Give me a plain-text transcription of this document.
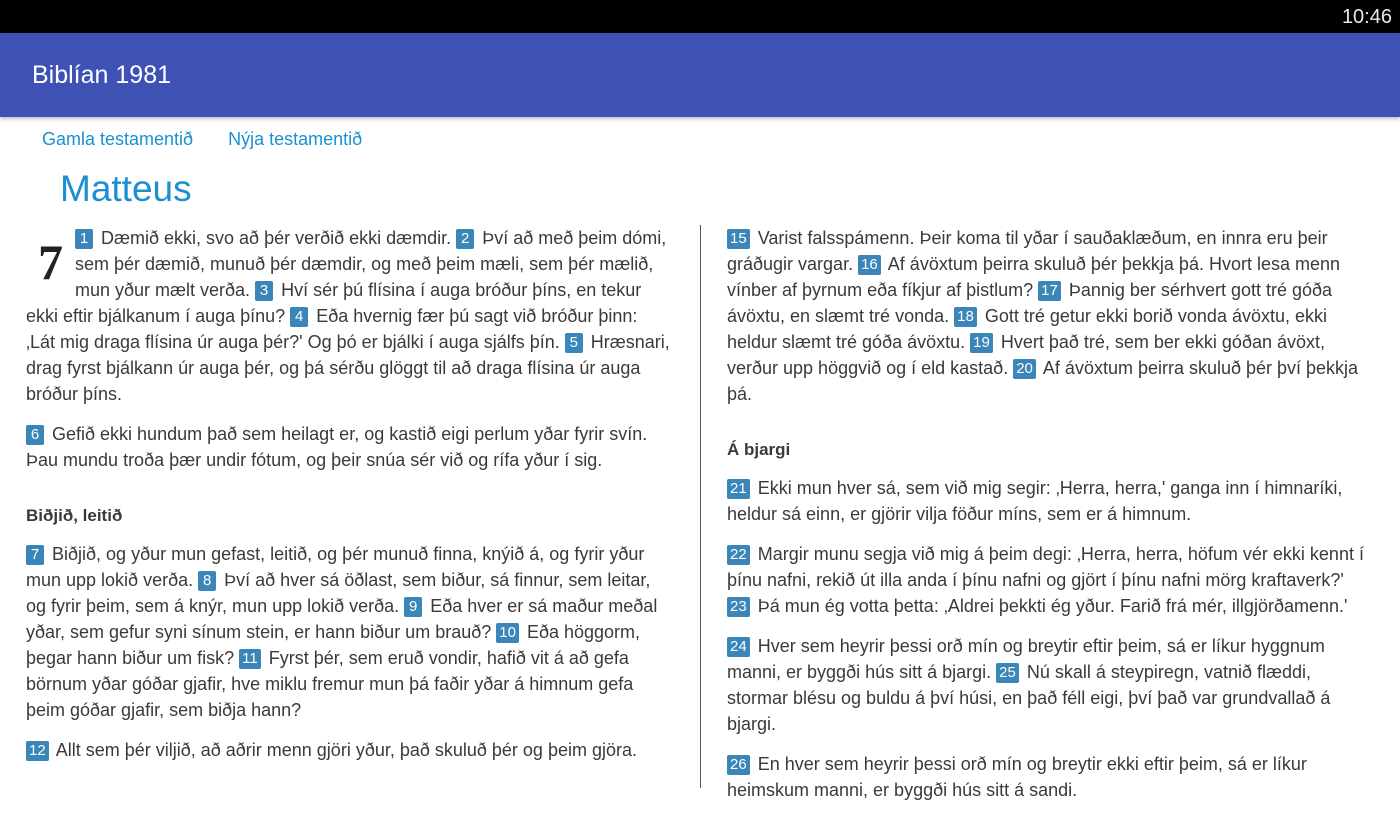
10:46
Biblían 1981
Gamla testamentið Nýja testamentið
Matteus

7 1 Dæmið ekki, svo að þér verðið ekki dæmdir. 2 Því að með þeim dómi, sem þér dæmið, munuð þér dæmdir, og með þeim mæli, sem þér mælið, mun yður mælt verða. 3 Hví sér þú flísina í auga bróður þíns, en tekur ekki eftir bjálkanum í auga þínu? 4 Eða hvernig fær þú sagt við bróður þinn: ‚Lát mig draga flísina úr auga þér?' Og þó er bjálki í auga sjálfs þín. 5 Hræsnari, drag fyrst bjálkann úr auga þér, og þá sérðu glöggt til að draga flísina úr auga bróður þíns.

6 Gefið ekki hundum það sem heilagt er, og kastið eigi perlum yðar fyrir svín. Þau mundu troða þær undir fótum, og þeir snúa sér við og rífa yður í sig.

Biðjið, leitið

7 Biðjið, og yður mun gefast, leitið, og þér munuð finna, knýið á, og fyrir yður mun upp lokið verða. 8 Því að hver sá öðlast, sem biður, sá finnur, sem leitar, og fyrir þeim, sem á knýr, mun upp lokið verða. 9 Eða hver er sá maður meðal yðar, sem gefur syni sínum stein, er hann biður um brauð? 10 Eða höggorm, þegar hann biður um fisk? 11 Fyrst þér, sem eruð vondir, hafið vit á að gefa börnum yðar góðar gjafir, hve miklu fremur mun þá faðir yðar á himnum gefa þeim góðar gjafir, sem biðja hann?

12 Allt sem þér viljið, að aðrir menn gjöri yður, það skuluð þér og þeim gjöra.

15 Varist falsspámenn. Þeir koma til yðar í sauðaklæðum, en innra eru þeir gráðugir vargar. 16 Af ávöxtum þeirra skuluð þér þekkja þá. Hvort lesa menn vínber af þyrnum eða fíkjur af þistlum? 17 Þannig ber sérhvert gott tré góða ávöxtu, en slæmt tré vonda. 18 Gott tré getur ekki borið vonda ávöxtu, ekki heldur slæmt tré góða ávöxtu. 19 Hvert það tré, sem ber ekki góðan ávöxt, verður upp höggvið og í eld kastað. 20 Af ávöxtum þeirra skuluð þér því þekkja þá.

Á bjargi

21 Ekki mun hver sá, sem við mig segir: ‚Herra, herra,' ganga inn í himnaríki, heldur sá einn, er gjörir vilja föður míns, sem er á himnum.

22 Margir munu segja við mig á þeim degi: ‚Herra, herra, höfum vér ekki kennt í þínu nafni, rekið út illa anda í þínu nafni og gjört í þínu nafni mörg kraftaverk?' 23 Þá mun ég votta þetta: ‚Aldrei þekkti ég yður. Farið frá mér, illgjörðamenn.'

24 Hver sem heyrir þessi orð mín og breytir eftir þeim, sá er líkur hyggnum manni, er byggði hús sitt á bjargi. 25 Nú skall á steypiregn, vatnið flæddi, stormar blésu og buldu á því húsi, en það féll eigi, því það var grundvallað á bjargi.

26 En hver sem heyrir þessi orð mín og breytir ekki eftir þeim, sá er líkur heimskum manni, er byggði hús sitt á sandi.
